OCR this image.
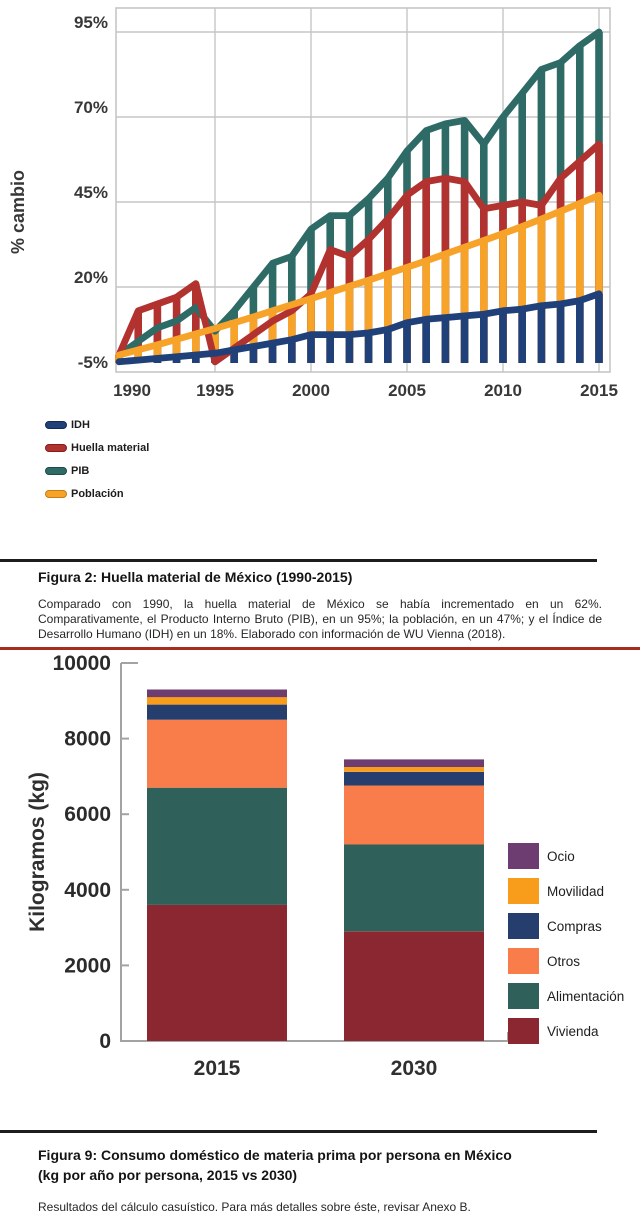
95%
70%
45%
20%
-5%
1990	1995	2000	2005	2010	2015
% cambio
IDH
Huella material
PIB
Población
Figura 2: Huella material de México (1990-2015)
Comparado con 1990, la huella material de México se había incrementado en un 62%. Comparativamente, el Producto Interno Bruto (PIB), en un 95%; la población, en un 47%; y el Índice de Desarrollo Humano (IDH) en un 18%. Elaborado con información de WU Vienna (2018).
0
2000
4000
6000
8000
10000
2015	2030
Kilogramos (kg)	Ocio
Movilidad
Compras
Otros
Alimentación
Vivienda
Figura 9: Consumo doméstico de materia prima por persona en México
(kg por año por persona, 2015 vs 2030)
Resultados del cálculo casuístico. Para más detalles sobre éste, revisar Anexo B.
